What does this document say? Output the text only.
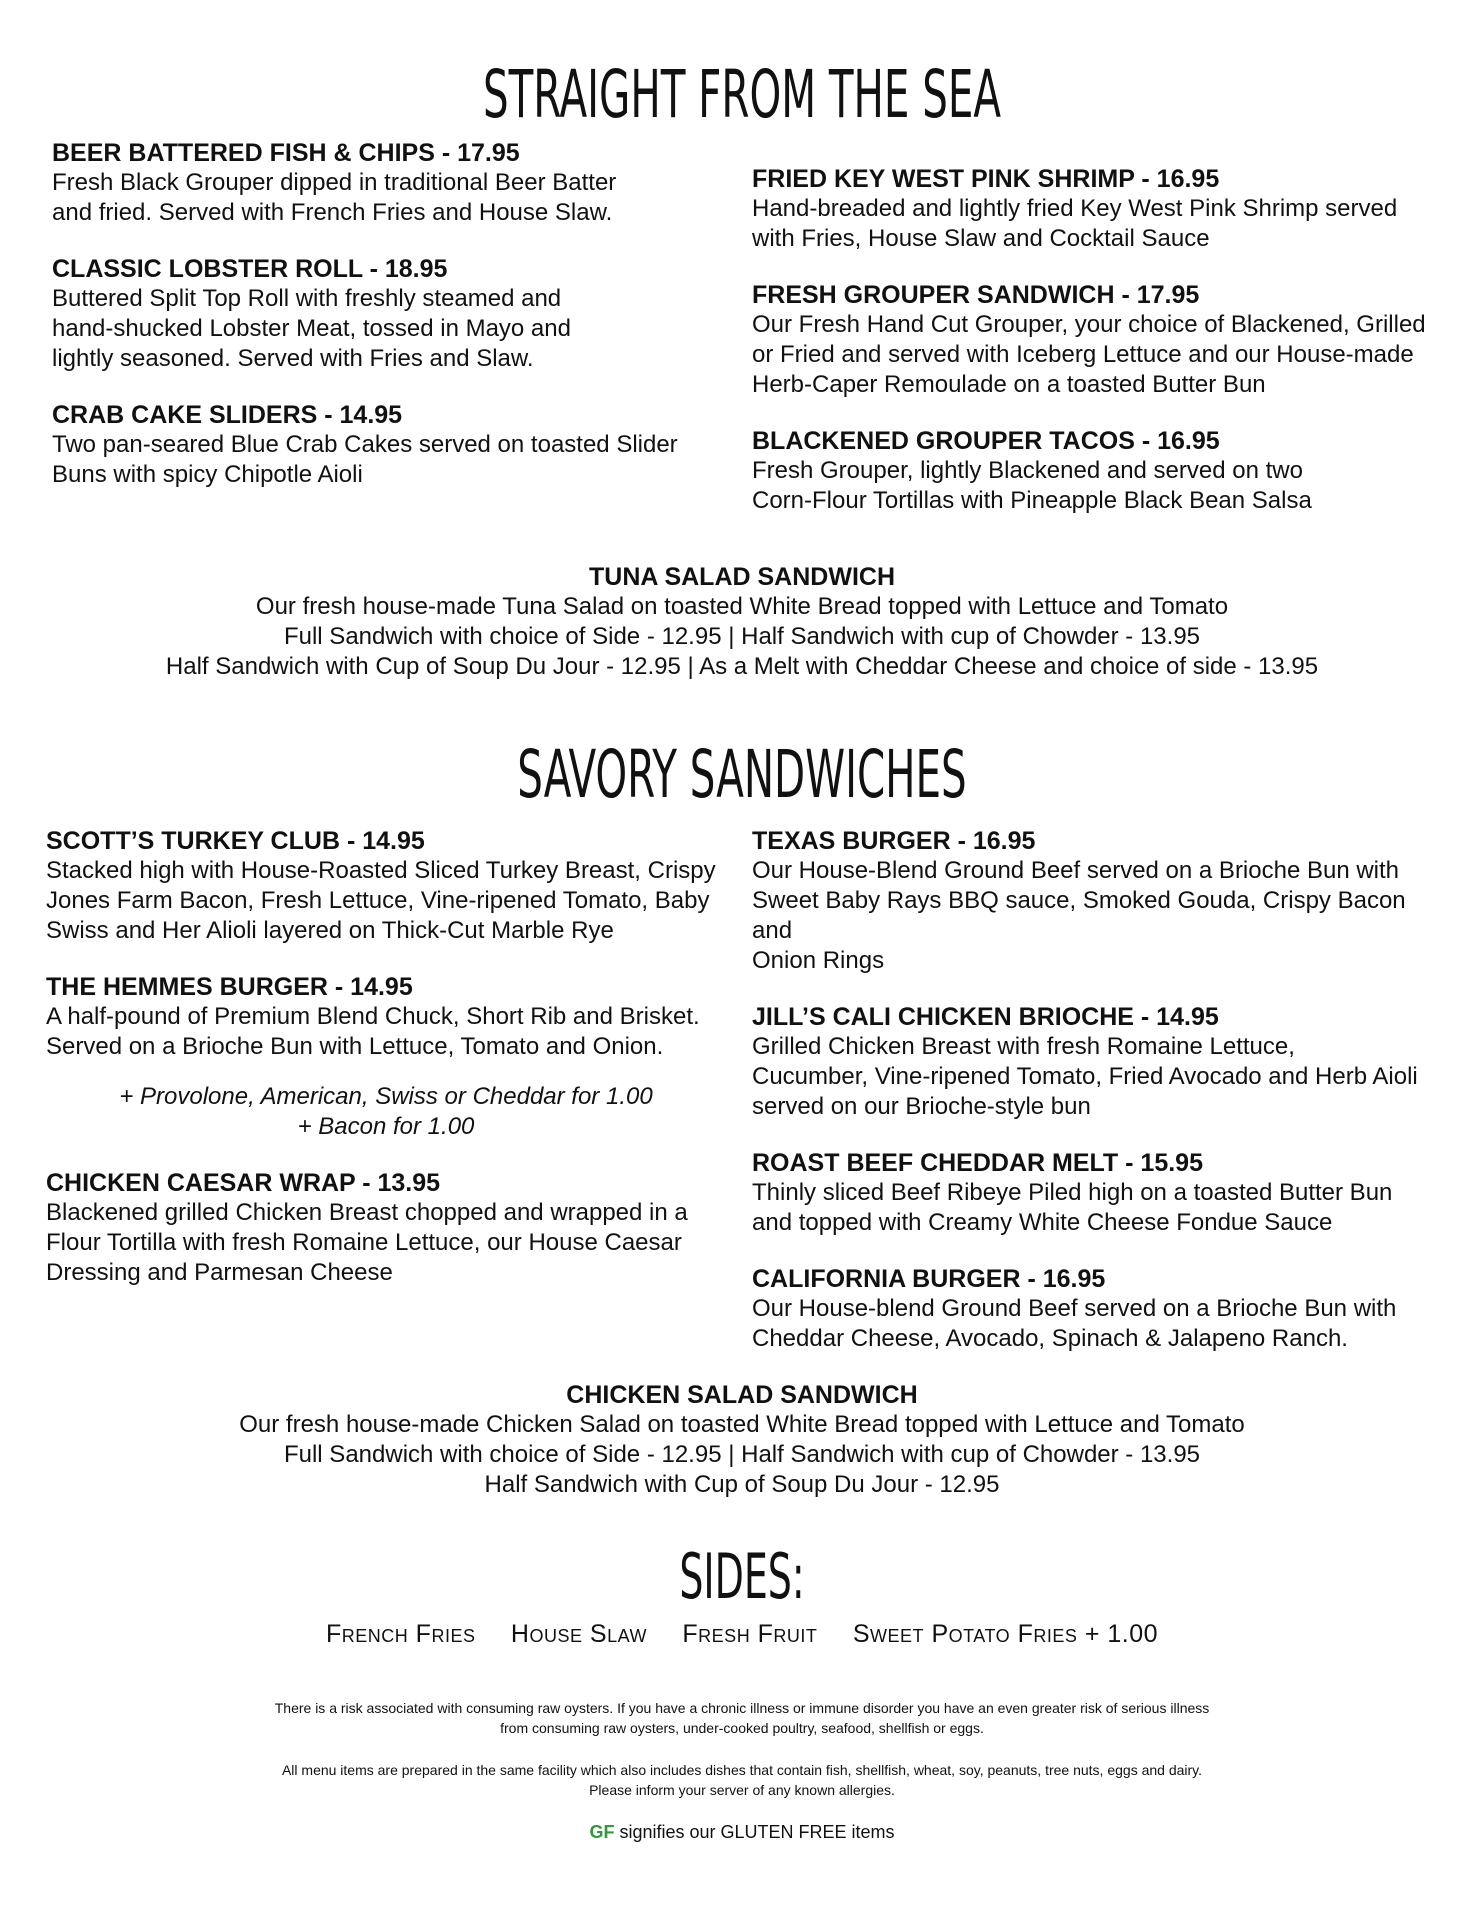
STRAIGHT FROM THE SEA
BEER BATTERED FISH & CHIPS - 17.95
Fresh Black Grouper dipped in traditional Beer Batter
and fried. Served with French Fries and House Slaw.
CLASSIC LOBSTER ROLL - 18.95
Buttered Split Top Roll with freshly steamed and
hand-shucked Lobster Meat, tossed in Mayo and
lightly seasoned. Served with Fries and Slaw.
CRAB CAKE SLIDERS - 14.95
Two pan-seared Blue Crab Cakes served on toasted Slider
Buns with spicy Chipotle Aioli
FRIED KEY WEST PINK SHRIMP - 16.95
Hand-breaded and lightly fried Key West Pink Shrimp served
with Fries, House Slaw and Cocktail Sauce
FRESH GROUPER SANDWICH - 17.95
Our Fresh Hand Cut Grouper, your choice of Blackened, Grilled
or Fried and served with Iceberg Lettuce and our House-made
Herb-Caper Remoulade on a toasted Butter Bun
BLACKENED GROUPER TACOS - 16.95
Fresh Grouper, lightly Blackened and served on two
Corn-Flour Tortillas with Pineapple Black Bean Salsa
TUNA SALAD SANDWICH
Our fresh house-made Tuna Salad on toasted White Bread topped with Lettuce and Tomato
Full Sandwich with choice of Side - 12.95 | Half Sandwich with cup of Chowder - 13.95
Half Sandwich with Cup of Soup Du Jour - 12.95 | As a Melt with Cheddar Cheese and choice of side - 13.95
SAVORY SANDWICHES
SCOTT’S TURKEY CLUB - 14.95
Stacked high with House-Roasted Sliced Turkey Breast, Crispy
Jones Farm Bacon, Fresh Lettuce, Vine-ripened Tomato, Baby
Swiss and Her Alioli layered on Thick-Cut Marble Rye
THE HEMMES BURGER - 14.95
A half-pound of Premium Blend Chuck, Short Rib and Brisket.
Served on a Brioche Bun with Lettuce, Tomato and Onion.
+ Provolone, American, Swiss or Cheddar for 1.00
+ Bacon for 1.00
CHICKEN CAESAR WRAP - 13.95
Blackened grilled Chicken Breast chopped and wrapped in a
Flour Tortilla with fresh Romaine Lettuce, our House Caesar
Dressing and Parmesan Cheese
TEXAS BURGER - 16.95
Our House-Blend Ground Beef served on a Brioche Bun with
Sweet Baby Rays BBQ sauce, Smoked Gouda, Crispy Bacon and
Onion Rings
JILL’S CALI CHICKEN BRIOCHE - 14.95
Grilled Chicken Breast with fresh Romaine Lettuce,
Cucumber, Vine-ripened Tomato, Fried Avocado and Herb Aioli
served on our Brioche-style bun
ROAST BEEF CHEDDAR MELT - 15.95
Thinly sliced Beef Ribeye Piled high on a toasted Butter Bun
and topped with Creamy White Cheese Fondue Sauce
CALIFORNIA BURGER - 16.95
Our House-blend Ground Beef served on a Brioche Bun with
Cheddar Cheese, Avocado, Spinach & Jalapeno Ranch.
CHICKEN SALAD SANDWICH
Our fresh house-made Chicken Salad on toasted White Bread topped with Lettuce and Tomato
Full Sandwich with choice of Side - 12.95 | Half Sandwich with cup of Chowder - 13.95
Half Sandwich with Cup of Soup Du Jour - 12.95
SIDES:
French Fries House Slaw Fresh Fruit Sweet Potato Fries + 1.00
There is a risk associated with consuming raw oysters. If you have a chronic illness or immune disorder you have an even greater risk of serious illness
from consuming raw oysters, under-cooked poultry, seafood, shellfish or eggs.
All menu items are prepared in the same facility which also includes dishes that contain fish, shellfish, wheat, soy, peanuts, tree nuts, eggs and dairy.
Please inform your server of any known allergies.
GF signifies our GLUTEN FREE items
